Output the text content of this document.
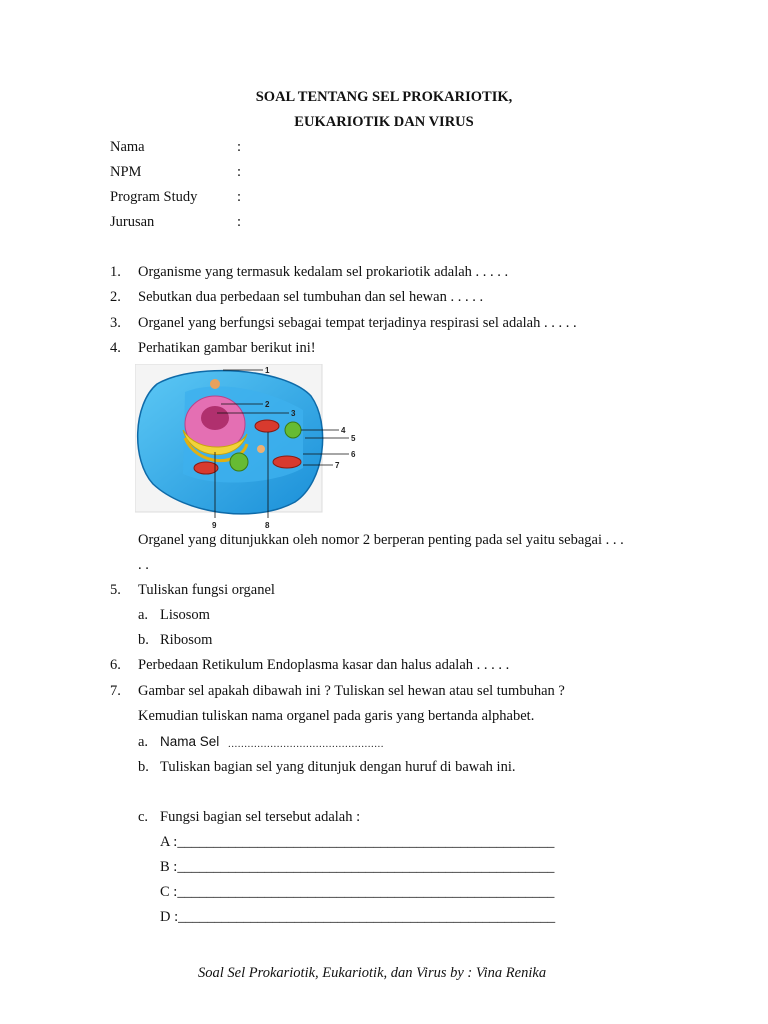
SOAL TENTANG SEL PROKARIOTIK,
EUKARIOTIK DAN VIRUS
Nama	:
NPM	:
Program Study	:
Jurusan	:
1.	Organisme yang termasuk kedalam sel prokariotik adalah . . . . .
2.	Sebutkan dua perbedaan sel tumbuhan dan sel hewan . . . . .
3.	Organel yang berfungsi sebagai tempat terjadinya respirasi sel adalah . . . . .
4.	Perhatikan gambar berikut ini!
1
2
3
4
5
6
7
8
9
Organel yang ditunjukkan oleh nomor 2 berperan penting pada sel yaitu sebagai . . .
. .
5.	Tuliskan fungsi organel
a. Lisosom
b. Ribosom
6.	Perbedaan Retikulum Endoplasma kasar dan halus adalah . . . . .
7.	Gambar sel apakah dibawah ini ? Tuliskan sel hewan atau sel tumbuhan ?
Kemudian tuliskan nama organel pada garis yang bertanda alphabet.
a. Nama Sel ................................................
b. Tuliskan bagian sel yang ditunjuk dengan huruf di bawah ini.
c. Fungsi bagian sel tersebut adalah :
A :____________________________________________________
B :____________________________________________________
C :____________________________________________________
D :____________________________________________________
Soal Sel Prokariotik, Eukariotik, dan Virus by : Vina Renika
